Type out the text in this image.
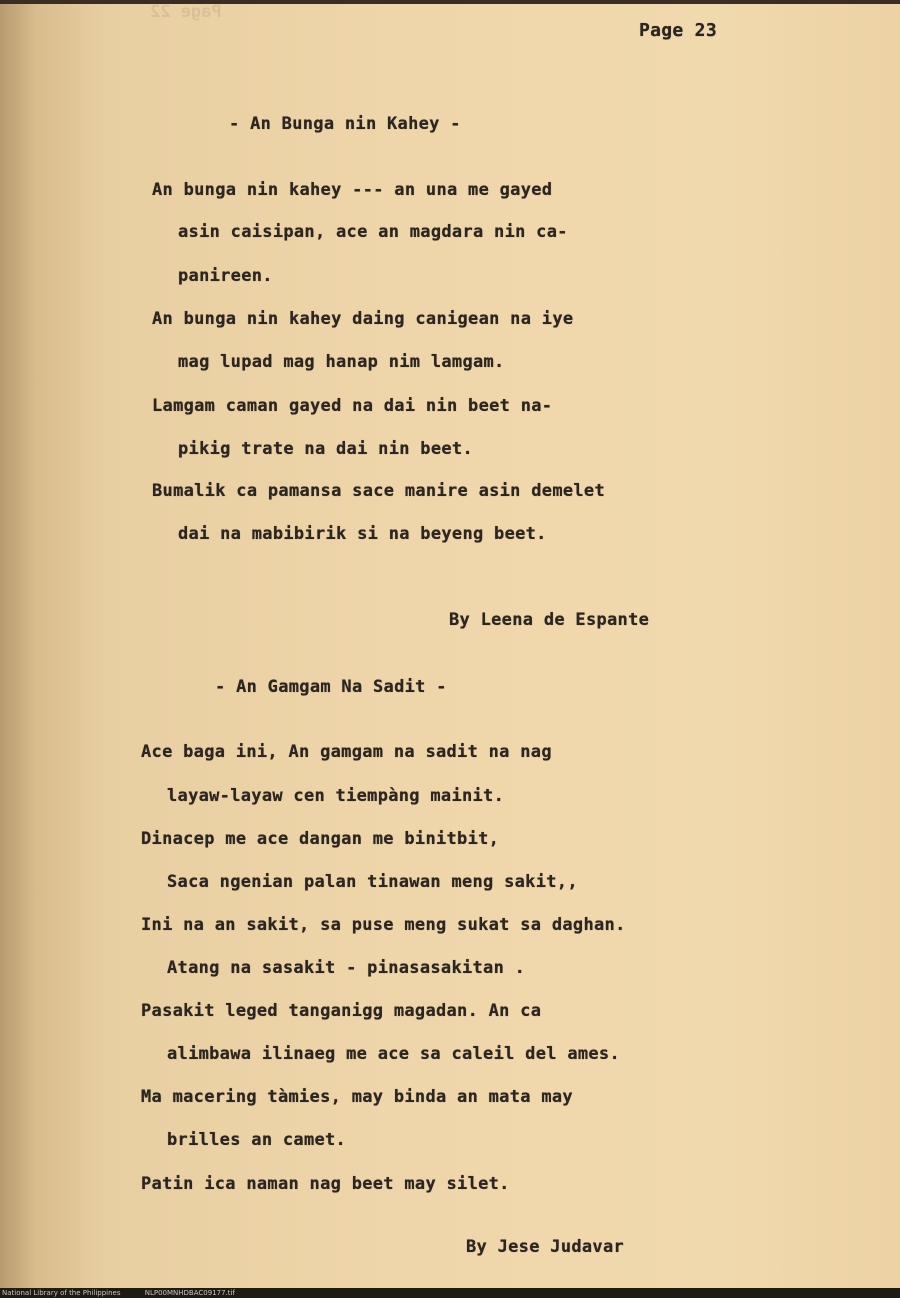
Page 22
Page 23
- An Bunga nin Kahey -
An bunga nin kahey --- an una me gayed
asin caisipan, ace an magdara nin ca-
panireen.
An bunga nin kahey daing canigean na iye
mag lupad mag hanap nim lamgam.
Lamgam caman gayed na dai nin beet na-
pikig trate na dai nin beet.
Bumalik ca pamansa sace manire asin demelet
dai na mabibirik si na beyeng beet.
By Leena de Espante
- An Gamgam Na Sadit -
Ace baga ini, An gamgam na sadit na nag
layaw-layaw cen tiempàng mainit.
Dinacep me ace dangan me binitbit,
Saca ngenian palan tinawan meng sakit,,
Ini na an sakit, sa puse meng sukat sa daghan.
Atang na sasakit - pinasasakitan .
Pasakit leged tanganigg magadan. An ca
alimbawa ilinaeg me ace sa caleil del ames.
Ma macering tàmies, may binda an mata may
brilles an camet.
Patin ica naman nag beet may silet.
By Jese Judavar
National Library of the Philippines	NLP00MNHDBAC09177.tif
